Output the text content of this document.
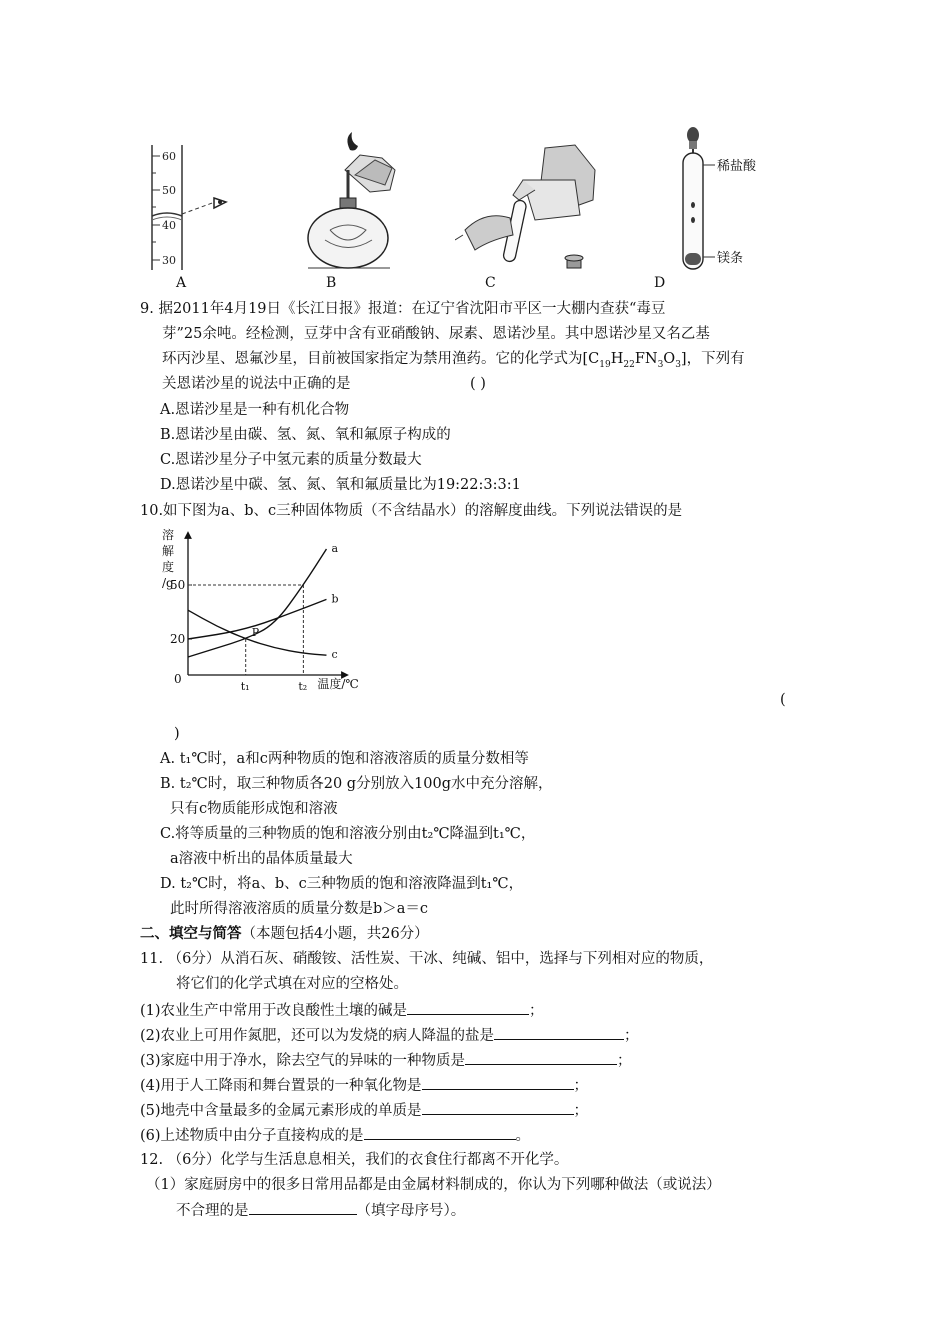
60
50
40
30
稀盐酸
镁条
A	B	C	D
9. 据2011年4月19日《长江日报》报道：在辽宁省沈阳市平区一大棚内查获“毒豆
芽”25余吨。经检测，豆芽中含有亚硝酸钠、尿素、恩诺沙星。其中恩诺沙星又名乙基
环丙沙星、恩氟沙星，目前被国家指定为禁用渔药。它的化学式为$[C_{19}H_{22}FN_3O_3]$，下列有
关恩诺沙星的说法中正确的是	( )
A.恩诺沙星是一种有机化合物
B.恩诺沙星由碳、氢、氮、氧和氟原子构成的
C.恩诺沙星分子中氢元素的质量分数最大
D.恩诺沙星中碳、氢、氮、氧和氟质量比为19:22:3:3:1
10.如下图为a、b、c三种固体物质（不含结晶水）的溶解度曲线。下列说法错误的是
溶 解 度 /g
50
20
t₁	t₂
0	温度/℃
a
b
c
P
(
)
A. t₁℃时，a和c两种物质的饱和溶液溶质的质量分数相等
B. t₂℃时，取三种物质各20 g分别放入100g水中充分溶解，
只有c物质能形成饱和溶液
C.将等质量的三种物质的饱和溶液分别由t₂℃降温到t₁℃，
a溶液中析出的晶体质量最大
D. t₂℃时，将a、b、c三种物质的饱和溶液降温到t₁℃，
此时所得溶液溶质的质量分数是b＞a＝c
二、填空与简答（本题包括4小题，共26分）
11. （6分）从消石灰、硝酸铵、活性炭、干冰、纯碱、铝中，选择与下列相对应的物质，
将它们的化学式填在对应的空格处。
(1)农业生产中常用于改良酸性土壤的碱是	；
(2)农业上可用作氮肥，还可以为发烧的病人降温的盐是	；
(3)家庭中用于净水，除去空气的异味的一种物质是	；
(4)用于人工降雨和舞台置景的一种氧化物是	；
(5)地壳中含量最多的金属元素形成的单质是	；
(6)上述物质中由分子直接构成的是	。
12. （6分）化学与生活息息相关，我们的衣食住行都离不开化学。
（1）家庭厨房中的很多日常用品都是由金属材料制成的，你认为下列哪种做法（或说法）
不合理的是	（填字母序号）。
